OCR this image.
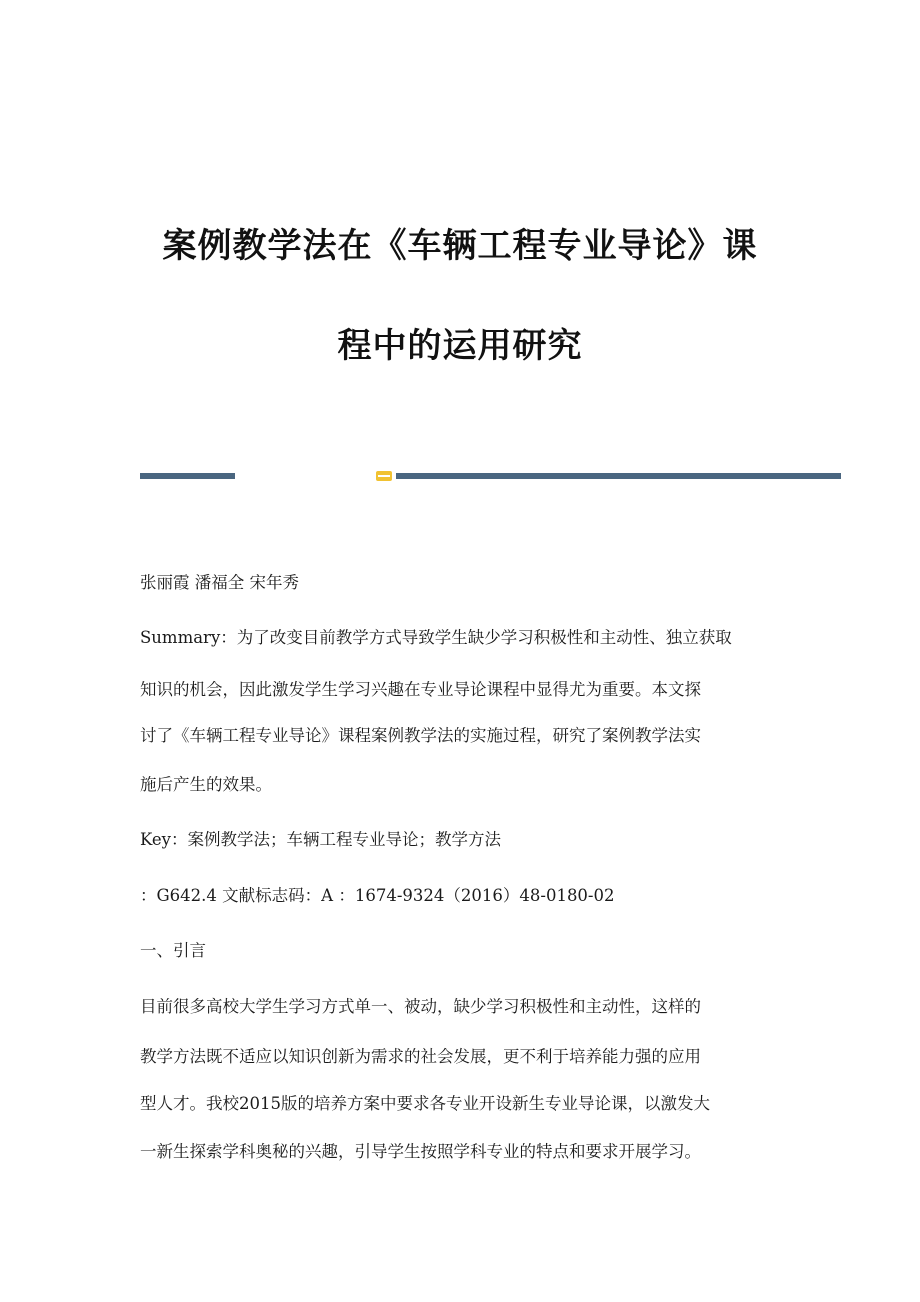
案例教学法在《车辆工程专业导论》课
程中的运用研究
张丽霞 潘福全 宋年秀
Summary：为了改变目前教学方式导致学生缺少学习积极性和主动性、独立获取
知识的机会，因此激发学生学习兴趣在专业导论课程中显得尤为重要。本文探
讨了《车辆工程专业导论》课程案例教学法的实施过程，研究了案例教学法实
施后产生的效果。
Key：案例教学法；车辆工程专业导论；教学方法
：G642.4 文献标志码：A ：1674-9324（2016）48-0180-02
一、引言
目前很多高校大学生学习方式单一、被动，缺少学习积极性和主动性，这样的
教学方法既不适应以知识创新为需求的社会发展，更不利于培养能力强的应用
型人才。我校2015版的培养方案中要求各专业开设新生专业导论课，以激发大
一新生探索学科奥秘的兴趣，引导学生按照学科专业的特点和要求开展学习。
